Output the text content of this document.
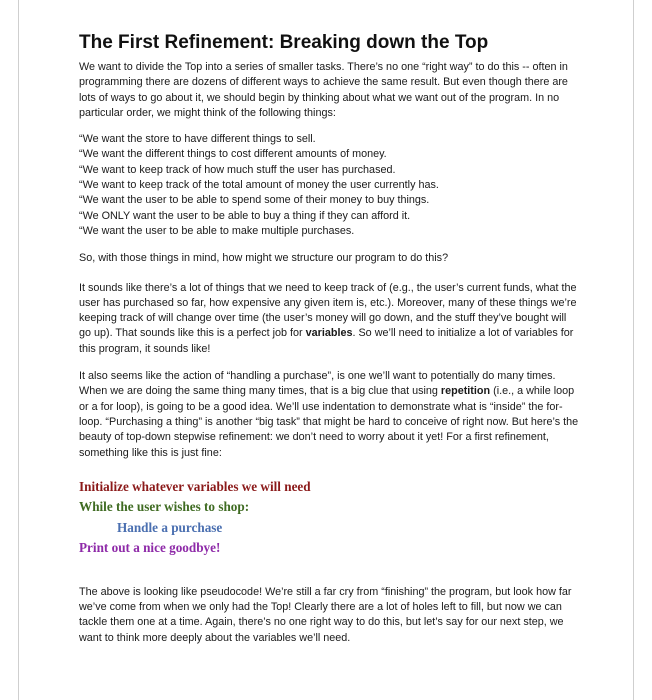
The First Refinement: Breaking down the Top

We want to divide the Top into a series of smaller tasks. There’s no one “right way” to do this -- often in programming there are dozens of different ways to achieve the same result. But even though there are lots of ways to go about it, we should begin by thinking about what we want out of the program. In no particular order, we might think of the following things:

“We want the store to have different things to sell.
“We want the different things to cost different amounts of money.
“We want to keep track of how much stuff the user has purchased.
“We want to keep track of the total amount of money the user currently has.
“We want the user to be able to spend some of their money to buy things.
“We ONLY want the user to be able to buy a thing if they can afford it.
“We want the user to be able to make multiple purchases.

So, with those things in mind, how might we structure our program to do this?

It sounds like there’s a lot of things that we need to keep track of (e.g., the user’s current funds, what the user has purchased so far, how expensive any given item is, etc.). Moreover, many of these things we’re keeping track of will change over time (the user’s money will go down, and the stuff they’ve bought will go up). That sounds like this is a perfect job for variables. So we’ll need to initialize a lot of variables for this program, it sounds like!

It also seems like the action of “handling a purchase”, is one we’ll want to potentially do many times. When we are doing the same thing many times, that is a big clue that using repetition (i.e., a while loop or a for loop), is going to be a good idea. We’ll use indentation to demonstrate what is “inside” the for-loop. “Purchasing a thing” is another “big task” that might be hard to conceive of right now. But here’s the beauty of top-down stepwise refinement: we don’t need to worry about it yet! For a first refinement, something like this is just fine:

Initialize whatever variables we will need
While the user wishes to shop:
Handle a purchase
Print out a nice goodbye!

The above is looking like pseudocode! We’re still a far cry from “finishing” the program, but look how far we’ve come from when we only had the Top! Clearly there are a lot of holes left to fill, but now we can tackle them one at a time. Again, there’s no one right way to do this, but let’s say for our next step, we want to think more deeply about the variables we’ll need.
